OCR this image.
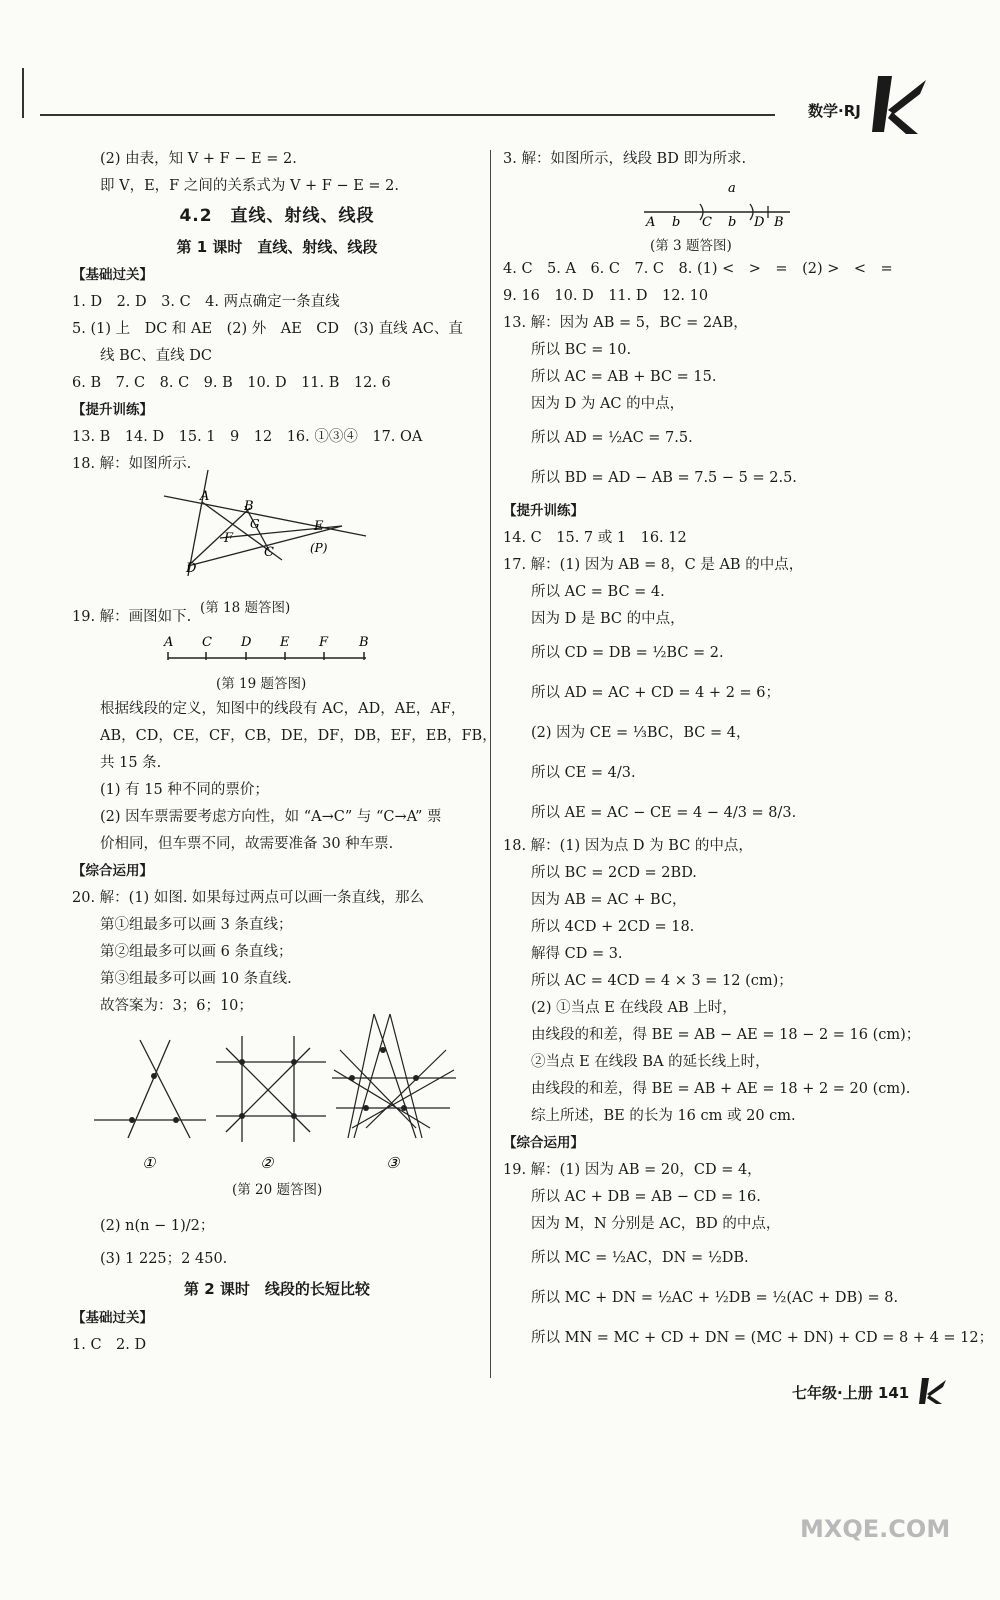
数学·RJ
(2) 由表，知 V + F − E = 2.
即 V，E，F 之间的关系式为 V + F − E = 2.
4.2　直线、射线、线段
第 1 课时　直线、射线、线段
【基础过关】
1. D　2. D　3. C　4. 两点确定一条直线
5. (1) 上　DC 和 AE　(2) 外　AE　CD　(3) 直线 AC、直
线 BC、直线 DC
6. B　7. C　8. C　9. B　10. D　11. B　12. 6
【提升训练】
13. B　14. D　15. 1　9　12　16. ①③④　17. OA
18. 解：如图所示.
A
B
G
F
C
E
(P)
D
(第 18 题答图)
19. 解：画图如下.
A C D E F B
(第 19 题答图)
根据线段的定义，知图中的线段有 AC，AD，AE，AF，
AB，CD，CE，CF，CB，DE，DF，DB，EF，EB，FB，
共 15 条.
(1) 有 15 种不同的票价；
(2) 因车票需要考虑方向性，如 “A→C” 与 “C→A” 票
价相同，但车票不同，故需要准备 30 种车票.
【综合运用】
20. 解：(1) 如图. 如果每过两点可以画一条直线，那么
第①组最多可以画 3 条直线；
第②组最多可以画 6 条直线；
第③组最多可以画 10 条直线.
故答案为：3；6；10；
①	②	③
(第 20 题答图)
(2) n(n − 1)/2；
(3) 1 225；2 450.
第 2 课时　线段的长短比较
【基础过关】
1. C　2. D
3. 解：如图所示，线段 BD 即为所求.
a
A b C b D B
(第 3 题答图)
4. C　5. A　6. C　7. C　8. (1) <　>　=　(2) >　<　=
9. 16　10. D　11. D　12. 10
13. 解：因为 AB = 5，BC = 2AB，
所以 BC = 10.
所以 AC = AB + BC = 15.
因为 D 为 AC 的中点，
所以 AD = ½AC = 7.5.
所以 BD = AD − AB = 7.5 − 5 = 2.5.
【提升训练】
14. C　15. 7 或 1　16. 12
17. 解：(1) 因为 AB = 8，C 是 AB 的中点，
所以 AC = BC = 4.
因为 D 是 BC 的中点，
所以 CD = DB = ½BC = 2.
所以 AD = AC + CD = 4 + 2 = 6；
(2) 因为 CE = ⅓BC，BC = 4，
所以 CE = 4/3.
所以 AE = AC − CE = 4 − 4/3 = 8/3.
18. 解：(1) 因为点 D 为 BC 的中点，
所以 BC = 2CD = 2BD.
因为 AB = AC + BC，
所以 4CD + 2CD = 18.
解得 CD = 3.
所以 AC = 4CD = 4 × 3 = 12 (cm)；
(2) ①当点 E 在线段 AB 上时，
由线段的和差，得 BE = AB − AE = 18 − 2 = 16 (cm)；
②当点 E 在线段 BA 的延长线上时，
由线段的和差，得 BE = AB + AE = 18 + 2 = 20 (cm).
综上所述，BE 的长为 16 cm 或 20 cm.
【综合运用】
19. 解：(1) 因为 AB = 20，CD = 4，
所以 AC + DB = AB − CD = 16.
因为 M，N 分别是 AC，BD 的中点，
所以 MC = ½AC，DN = ½DB.
所以 MC + DN = ½AC + ½DB = ½(AC + DB) = 8.
所以 MN = MC + CD + DN = (MC + DN) + CD = 8 + 4 = 12；
七年级·上册 141
MXQE.COM
